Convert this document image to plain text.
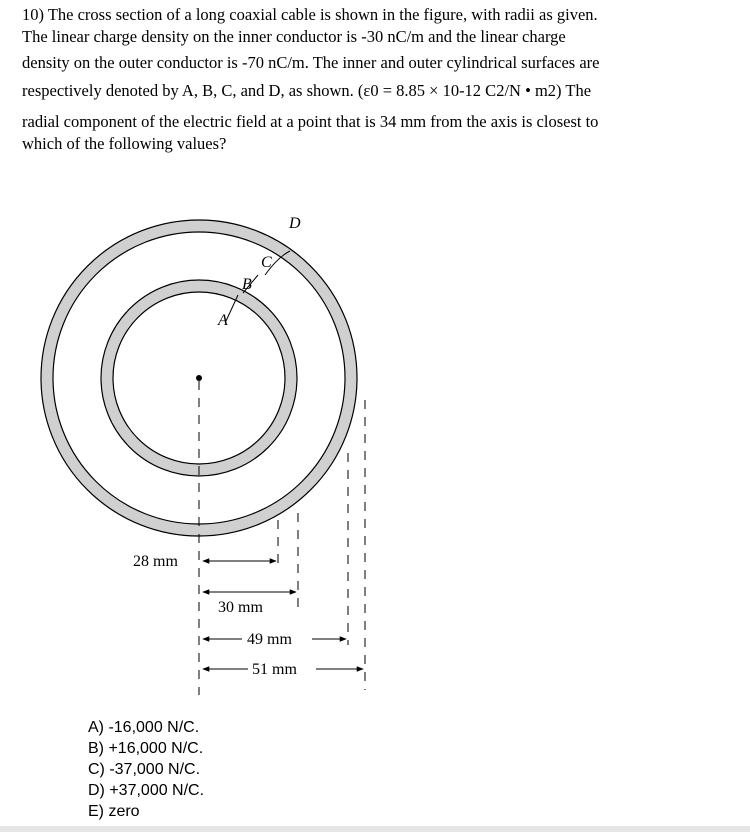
10) The cross section of a long coaxial cable is shown in the figure, with radii as given.

The linear charge density on the inner conductor is -30 nC/m and the linear charge

density on the outer conductor is -70 nC/m. The inner and outer cylindrical surfaces are

respectively denoted by A, B, C, and D, as shown. (ε0 = 8.85 × 10-12 C2/N • m2) The

radial component of the electric field at a point that is 34 mm from the axis is closest to

which of the following values?

A
B
C
D
28 mm
30 mm
49 mm
51 mm
A) -16,000 N/C.
B) +16,000 N/C.
C) -37,000 N/C.
D) +37,000 N/C.
E) zero
